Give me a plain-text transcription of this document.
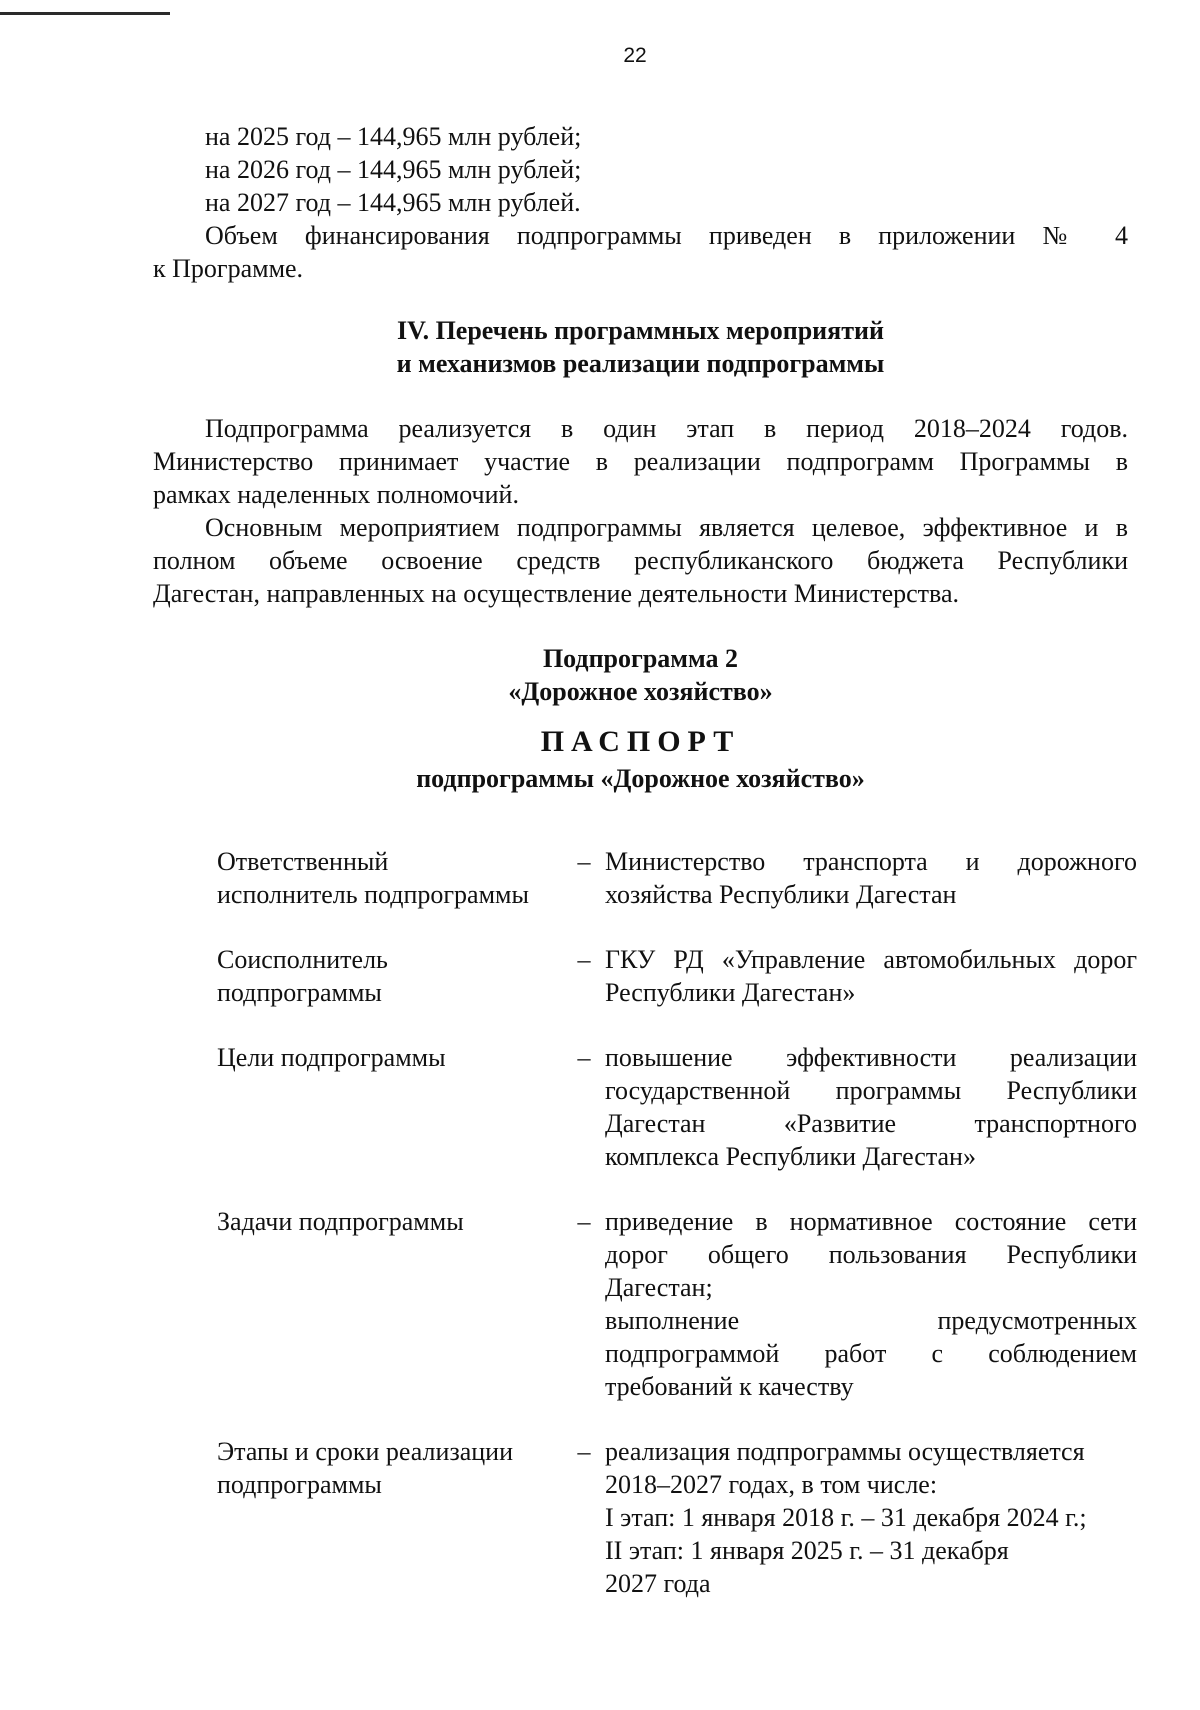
22
на 2025 год – 144,965 млн рублей;
на 2026 год – 144,965 млн рублей;
на 2027 год – 144,965 млн рублей.
Объем финансирования подпрограммы приведен в приложении № 4
к Программе.
IV. Перечень программных мероприятий
и механизмов реализации подпрограммы
Подпрограмма реализуется в один этап в период 2018–2024 годов.
Министерство принимает участие в реализации подпрограмм Программы в
рамках наделенных полномочий.
Основным мероприятием подпрограммы является целевое, эффективное и в
полном объеме освоение средств республиканского бюджета Республики
Дагестан, направленных на осуществление деятельности Министерства.
Подпрограмма 2
«Дорожное хозяйство»
ПАСПОРТ
подпрограммы «Дорожное хозяйство»
Ответственный
исполнитель подпрограммы
– Министерство транспорта и дорожного
хозяйства Республики Дагестан
Соисполнитель
подпрограммы
– ГКУ РД «Управление автомобильных дорог
Республики Дагестан»
Цели подпрограммы	– повышение эффективности реализации
государственной программы Республики
Дагестан «Развитие транспортного
комплекса Республики Дагестан»
Задачи подпрограммы	– приведение в нормативное состояние сети
дорог общего пользования Республики
Дагестан;
выполнение предусмотренных
подпрограммой работ с соблюдением
требований к качеству
Этапы и сроки реализации
подпрограммы
– реализация подпрограммы осуществляется
2018–2027 годах, в том числе:
I этап: 1 января 2018 г. – 31 декабря 2024 г.;
II этап: 1 января 2025 г. – 31 декабря
2027 года
